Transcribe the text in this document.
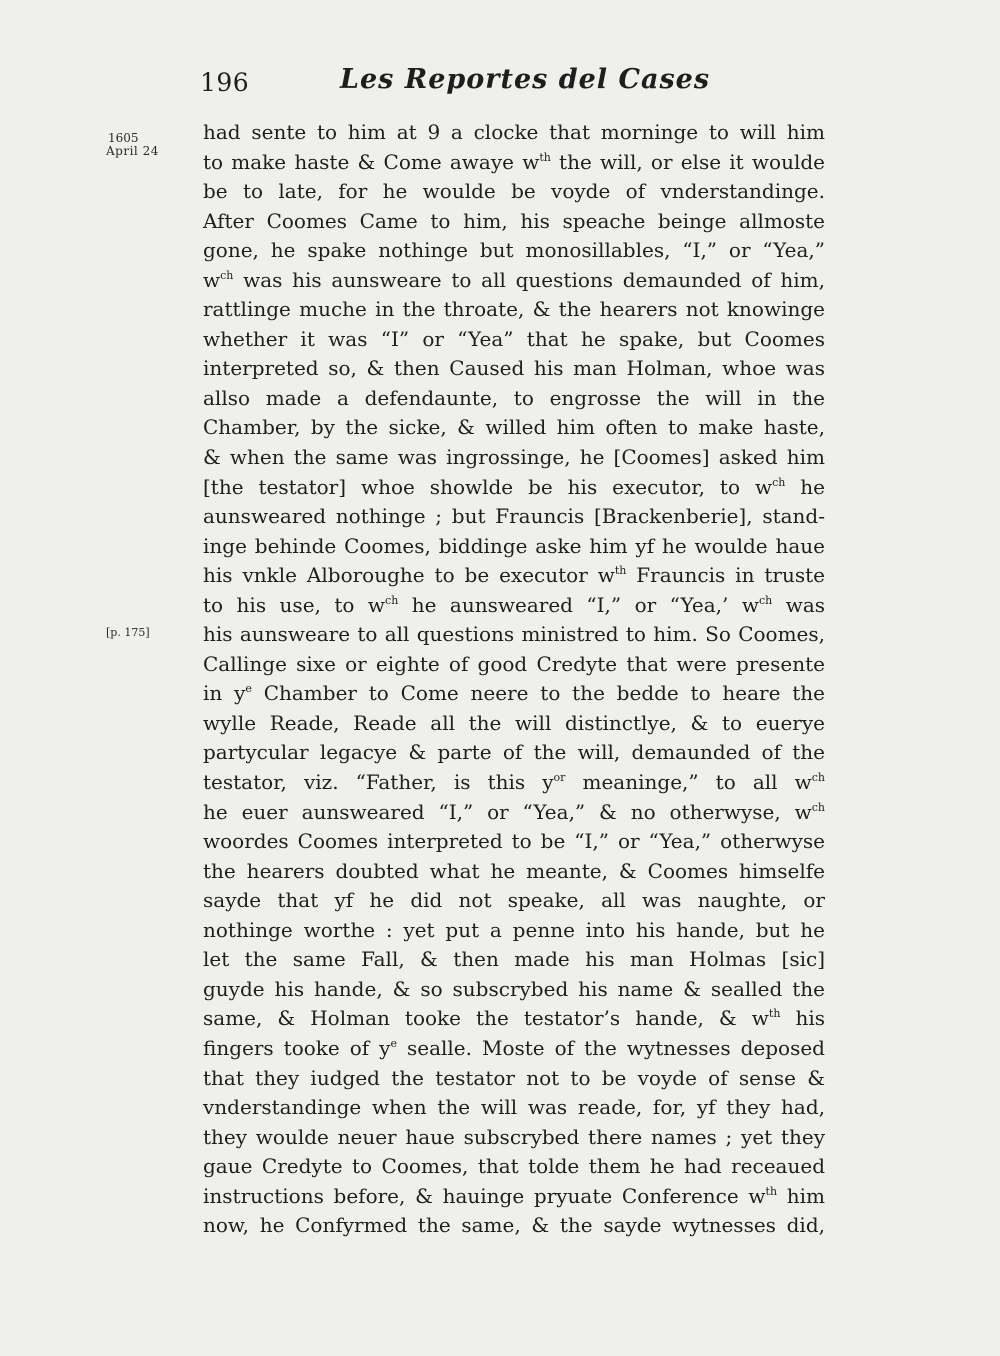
196	Les Reportes del Cases
1605
April 24
[p. 175]
had sente to him at 9 a clocke that morninge to will him
to make haste & Come awaye $w^{th}$ the will, or else it woulde
be to late, for he woulde be voyde of vnderstandinge.
After Coomes Came to him, his speache beinge allmoste
gone, he spake nothinge but monosillables, “I,” or “Yea,”
$w^{ch}$ was his aunsweare to all questions demaunded of him,
rattlinge muche in the throate, & the hearers not knowinge
whether it was “I” or “Yea” that he spake, but Coomes
interpreted so, & then Caused his man Holman, whoe was
allso made a defendaunte, to engrosse the will in the
Chamber, by the sicke, & willed him often to make haste,
& when the same was ingrossinge, he [Coomes] asked him
[the testator] whoe showlde be his executor, to $w^{ch}$ he
aunsweared nothinge ; but Frauncis [Brackenberie], stand-
inge behinde Coomes, biddinge aske him yf he woulde haue
his vnkle Alboroughe to be executor $w^{th}$ Frauncis in truste
to his use, to $w^{ch}$ he aunsweared “I,” or “Yea,’ $w^{ch}$ was
his aunsweare to all questions ministred to him. So Coomes,
Callinge sixe or eighte of good Credyte that were presente
in $y^e$ Chamber to Come neere to the bedde to heare the
wylle Reade, Reade all the will distinctlye, & to euerye
partycular legacye & parte of the will, demaunded of the
testator, viz. “Father, is this $y^{or}$ meaninge,” to all $w^{ch}$
he euer aunsweared “I,” or “Yea,” & no otherwyse, $w^{ch}$
woordes Coomes interpreted to be “I,” or “Yea,” otherwyse
the hearers doubted what he meante, & Coomes himselfe
sayde that yf he did not speake, all was naughte, or
nothinge worthe : yet put a penne into his hande, but he
let the same Fall, & then made his man Holmas [sic]
guyde his hande, & so subscrybed his name & sealled the
same, & Holman tooke the testator’s hande, & $w^{th}$ his
fingers tooke of $y^e$ sealle. Moste of the wytnesses deposed
that they iudged the testator not to be voyde of sense &
vnderstandinge when the will was reade, for, yf they had,
they woulde neuer haue subscrybed there names ; yet they
gaue Credyte to Coomes, that tolde them he had receaued
instructions before, & hauinge pryuate Conference $w^{th}$ him
now, he Confyrmed the same, & the sayde wytnesses did,
